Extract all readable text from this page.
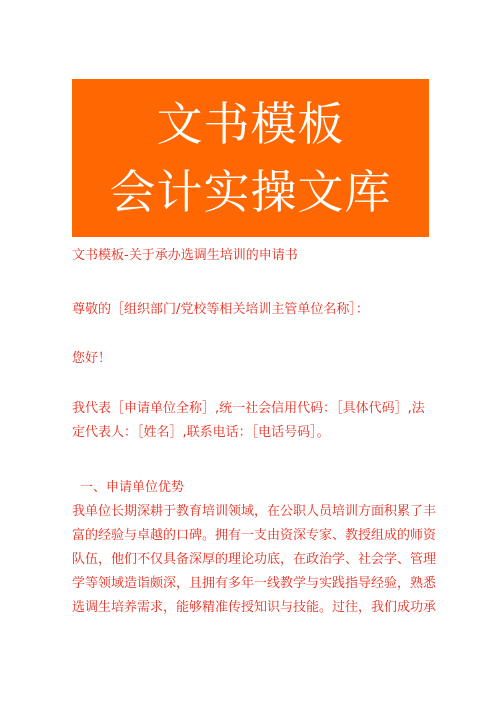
文书模板
会计实操文库
文书模板-关于承办选调生培训的申请书
尊敬的［组织部门/党校等相关培训主管单位名称］：
您好！
我代表［申请单位全称］,统一社会信用代码：［具体代码］,法
定代表人：［姓名］,联系电话：［电话号码］。
一、申请单位优势
我单位长期深耕于教育培训领域，在公职人员培训方面积累了丰
富的经验与卓越的口碑。拥有一支由资深专家、教授组成的师资
队伍，他们不仅具备深厚的理论功底，在政治学、社会学、管理
学等领域造诣颇深，且拥有多年一线教学与实践指导经验，熟悉
选调生培养需求，能够精准传授知识与技能。过往，我们成功承
